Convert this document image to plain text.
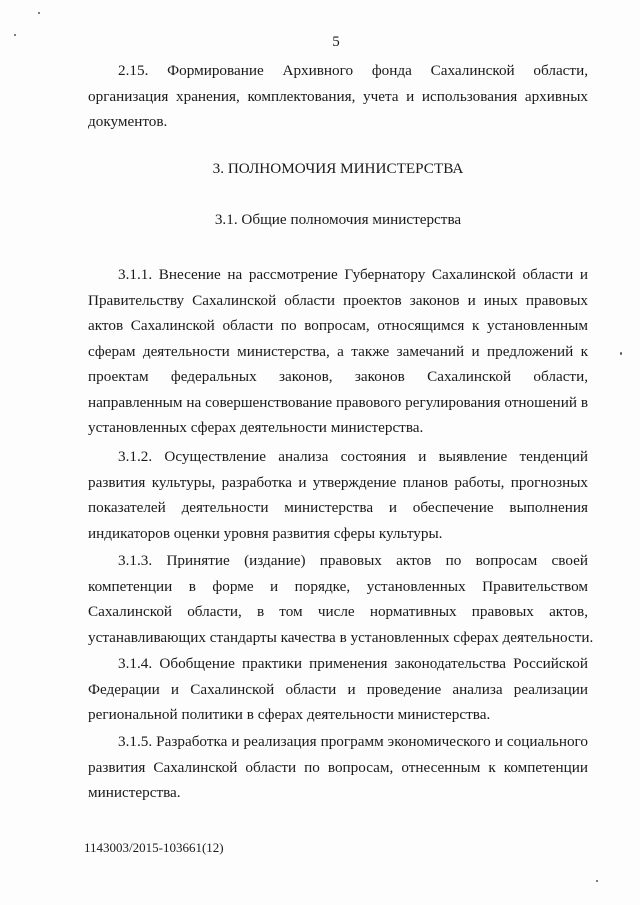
5
2.15. Формирование Архивного фонда Сахалинской области,
организация хранения, комплектования, учета и использования архивных
документов.
3. ПОЛНОМОЧИЯ МИНИСТЕРСТВА
3.1. Общие полномочия министерства
3.1.1. Внесение на рассмотрение Губернатору Сахалинской области и
Правительству Сахалинской области проектов законов и иных правовых
актов Сахалинской области по вопросам, относящимся к установленным
сферам деятельности министерства, а также замечаний и предложений к
проектам федеральных законов, законов Сахалинской области,
направленным на совершенствование правового регулирования отношений в
установленных сферах деятельности министерства.
3.1.2. Осуществление анализа состояния и выявление тенденций
развития культуры, разработка и утверждение планов работы, прогнозных
показателей деятельности министерства и обеспечение выполнения
индикаторов оценки уровня развития сферы культуры.
3.1.3. Принятие (издание) правовых актов по вопросам своей
компетенции в форме и порядке, установленных Правительством
Сахалинской области, в том числе нормативных правовых актов,
устанавливающих стандарты качества в установленных сферах деятельности.
3.1.4. Обобщение практики применения законодательства Российской
Федерации и Сахалинской области и проведение анализа реализации
региональной политики в сферах деятельности министерства.
3.1.5. Разработка и реализация программ экономического и социального
развития Сахалинской области по вопросам, отнесенным к компетенции
министерства.
1143003/2015-103661(12)
